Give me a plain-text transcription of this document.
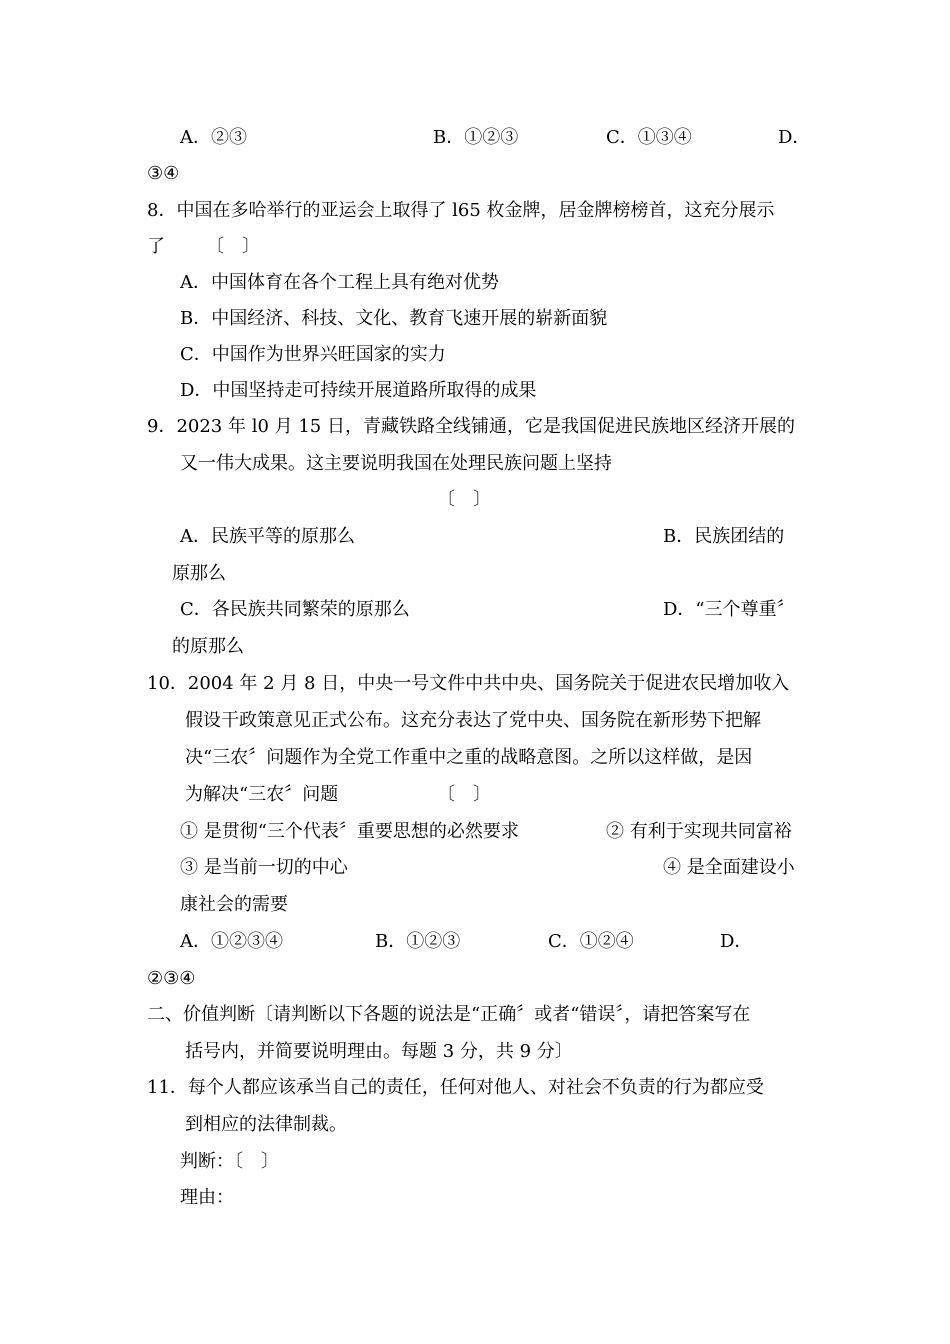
A．②③	B．①②③	C．①③④	D．
③④
8．中国在多哈举行的亚运会上取得了 l65 枚金牌，居金牌榜榜首，这充分展示
了 〔　〕
A．中国体育在各个工程上具有绝对优势
B．中国经济、科技、文化、教育飞速开展的崭新面貌
C．中国作为世界兴旺国家的实力
D．中国坚持走可持续开展道路所取得的成果
9．2023 年 l0 月 15 日，青藏铁路全线铺通，它是我国促进民族地区经济开展的
又一伟大成果。这主要说明我国在处理民族问题上坚持
〔　〕
A．民族平等的原那么	B．民族团结的
原那么
C．各民族共同繁荣的原那么	D．“三个尊重〞
的原那么
10．2004 年 2 月 8 日，中央一号文件中共中央、国务院关于促进农民增加收入
假设干政策意见正式公布。这充分表达了党中央、国务院在新形势下把解
决“三农〞问题作为全党工作重中之重的战略意图。之所以这样做，是因
为解决“三农〞问题	〔　〕
① 是贯彻“三个代表〞重要思想的必然要求	② 有利于实现共同富裕
③ 是当前一切的中心	④ 是全面建设小
康社会的需要
A．①②③④	B．①②③	C．①②④	D．
②③④
二、价值判断〔请判断以下各题的说法是“正确〞或者“错误〞，请把答案写在
括号内，并简要说明理由。每题 3 分，共 9 分〕
11．每个人都应该承当自己的责任，任何对他人、对社会不负责的行为都应受
到相应的法律制裁。
判断：〔　〕
理由：
